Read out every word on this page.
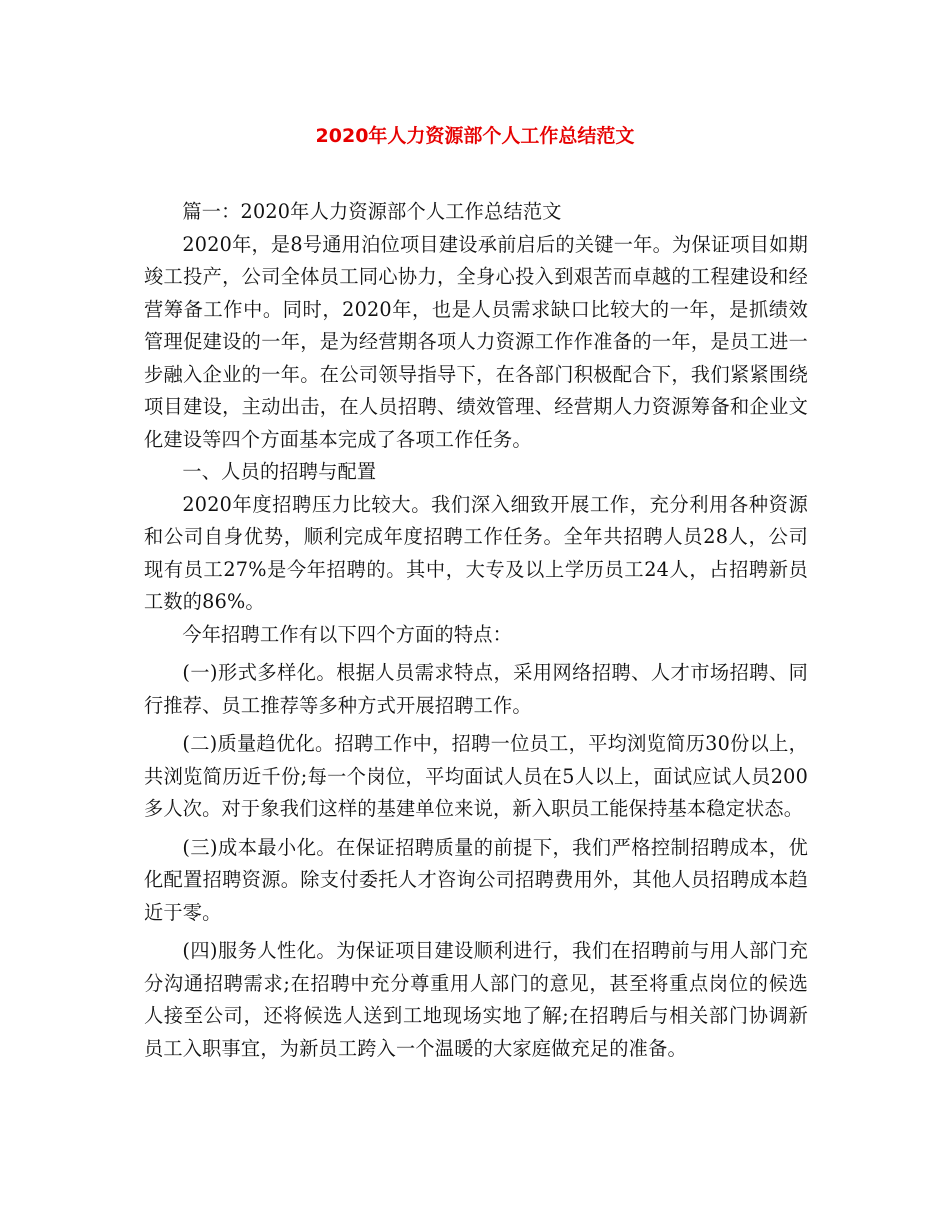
2020年人力资源部个人工作总结范文

篇一：2020年人力资源部个人工作总结范文

2020年，是8号通用泊位项目建设承前启后的关键一年。为保证项目如期竣工投产，公司全体员工同心协力，全身心投入到艰苦而卓越的工程建设和经营筹备工作中。同时，2020年，也是人员需求缺口比较大的一年，是抓绩效管理促建设的一年，是为经营期各项人力资源工作作准备的一年，是员工进一步融入企业的一年。在公司领导指导下，在各部门积极配合下，我们紧紧围绕项目建设，主动出击，在人员招聘、绩效管理、经营期人力资源筹备和企业文化建设等四个方面基本完成了各项工作任务。

一、人员的招聘与配置

2020年度招聘压力比较大。我们深入细致开展工作，充分利用各种资源和公司自身优势，顺利完成年度招聘工作任务。全年共招聘人员28人，公司现有员工27%是今年招聘的。其中，大专及以上学历员工24人，占招聘新员工数的86%。

今年招聘工作有以下四个方面的特点：

(一)形式多样化。根据人员需求特点，采用网络招聘、人才市场招聘、同行推荐、员工推荐等多种方式开展招聘工作。

(二)质量趋优化。招聘工作中，招聘一位员工，平均浏览简历30份以上，共浏览简历近千份;每一个岗位，平均面试人员在5人以上，面试应试人员200多人次。对于象我们这样的基建单位来说，新入职员工能保持基本稳定状态。

(三)成本最小化。在保证招聘质量的前提下，我们严格控制招聘成本，优化配置招聘资源。除支付委托人才咨询公司招聘费用外，其他人员招聘成本趋近于零。

(四)服务人性化。为保证项目建设顺利进行，我们在招聘前与用人部门充分沟通招聘需求;在招聘中充分尊重用人部门的意见，甚至将重点岗位的候选人接至公司，还将候选人送到工地现场实地了解;在招聘后与相关部门协调新员工入职事宜，为新员工跨入一个温暖的大家庭做充足的准备。
